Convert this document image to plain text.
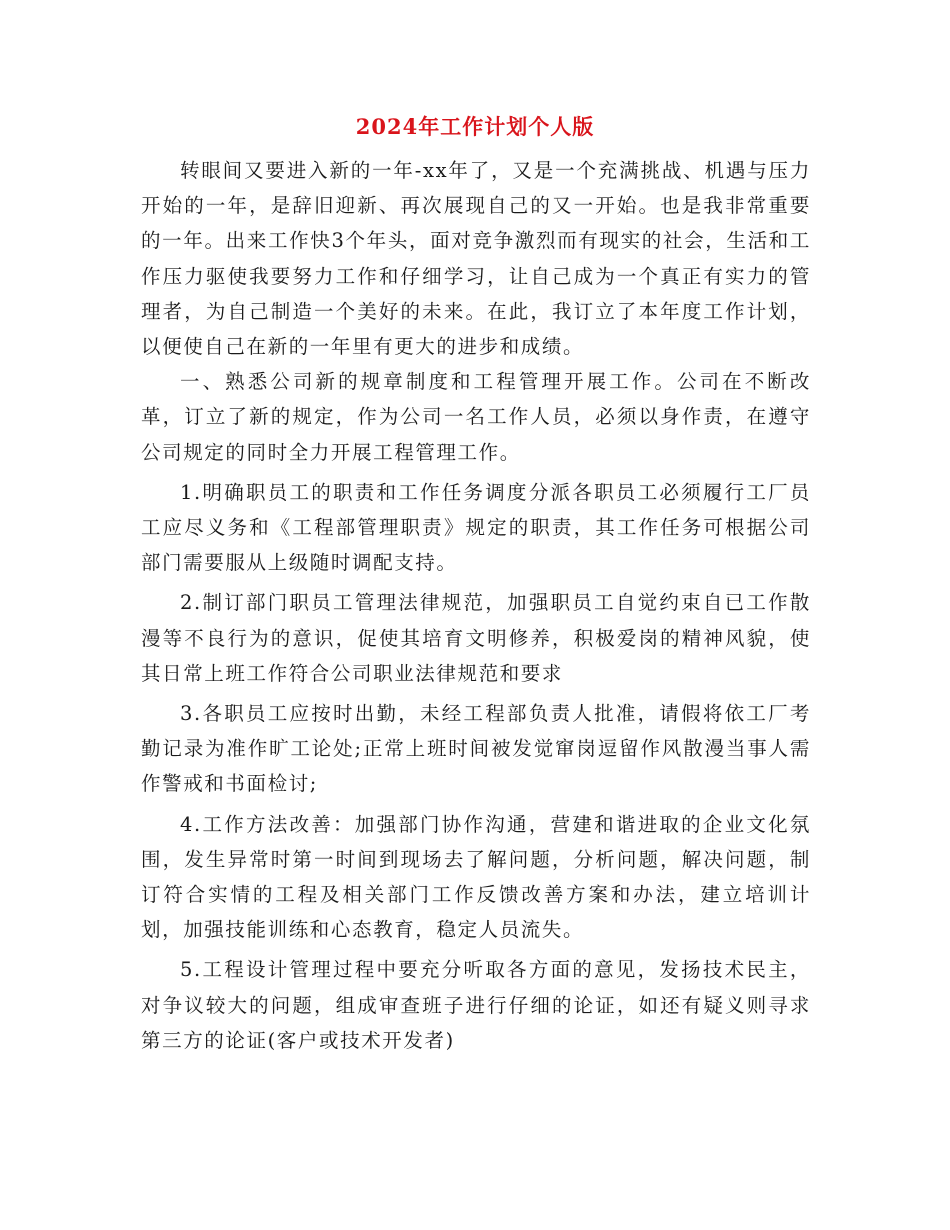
2024年工作计划个人版

转眼间又要进入新的一年-xx年了，又是一个充满挑战、机遇与压力开始的一年，是辞旧迎新、再次展现自己的又一开始。也是我非常重要的一年。出来工作快3个年头，面对竞争激烈而有现实的社会，生活和工作压力驱使我要努力工作和仔细学习，让自己成为一个真正有实力的管理者，为自己制造一个美好的未来。在此，我订立了本年度工作计划，以便使自己在新的一年里有更大的进步和成绩。

一、熟悉公司新的规章制度和工程管理开展工作。公司在不断改革，订立了新的规定，作为公司一名工作人员，必须以身作责，在遵守公司规定的同时全力开展工程管理工作。

1.明确职员工的职责和工作任务调度分派各职员工必须履行工厂员工应尽义务和《工程部管理职责》规定的职责，其工作任务可根据公司部门需要服从上级随时调配支持。

2.制订部门职员工管理法律规范，加强职员工自觉约束自已工作散漫等不良行为的意识，促使其培育文明修养，积极爱岗的精神风貌，使其日常上班工作符合公司职业法律规范和要求

3.各职员工应按时出勤，未经工程部负责人批准，请假将依工厂考勤记录为准作旷工论处;正常上班时间被发觉窜岗逗留作风散漫当事人需作警戒和书面检讨;

4.工作方法改善：加强部门协作沟通，营建和谐进取的企业文化氛围，发生异常时第一时间到现场去了解问题，分析问题，解决问题，制订符合实情的工程及相关部门工作反馈改善方案和办法，建立培训计划，加强技能训练和心态教育，稳定人员流失。

5.工程设计管理过程中要充分听取各方面的意见，发扬技术民主，对争议较大的问题，组成审查班子进行仔细的论证，如还有疑义则寻求第三方的论证(客户或技术开发者)
